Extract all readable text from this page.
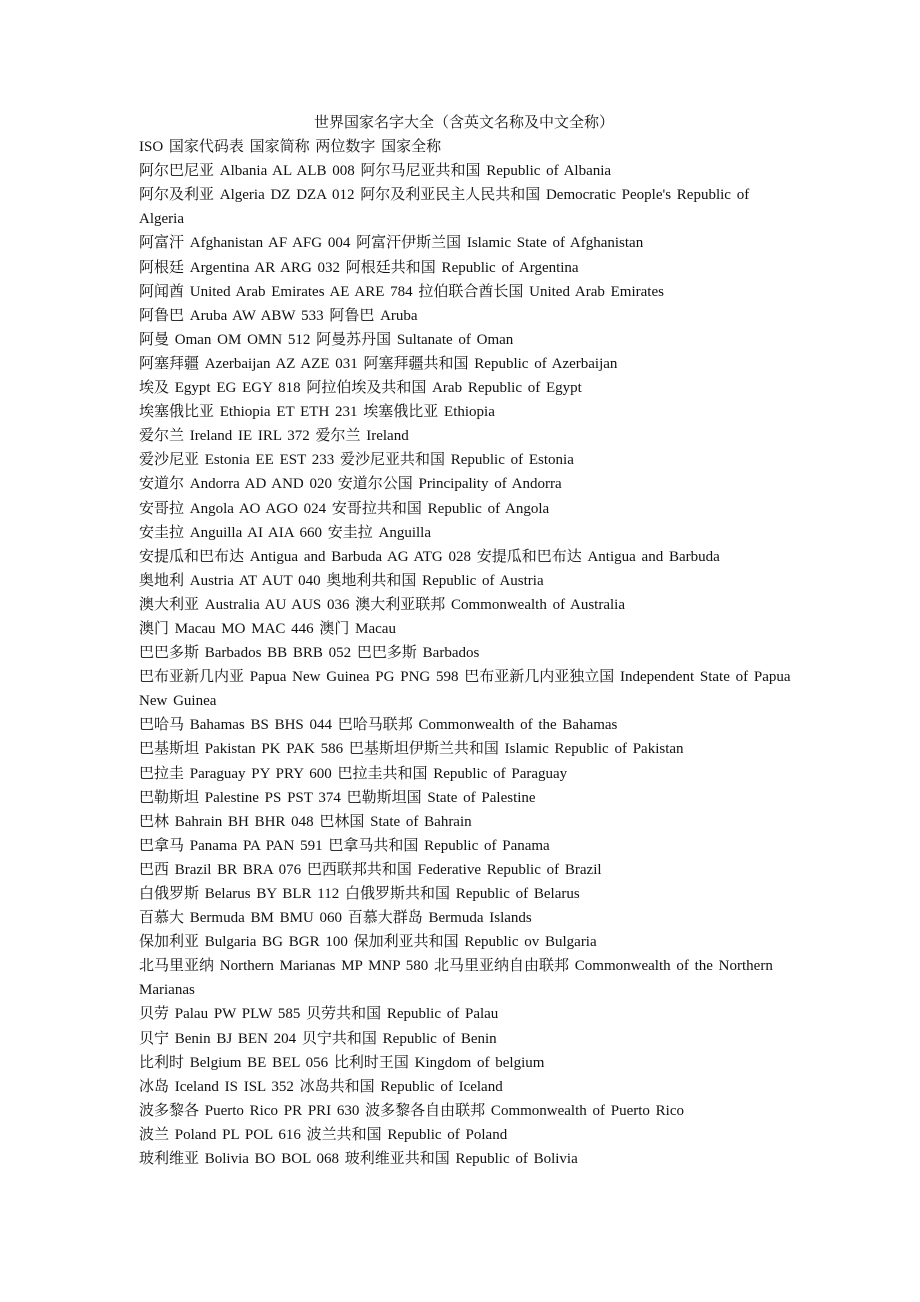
世界国家名字大全（含英文名称及中文全称）

ISO 国家代码表 国家简称 两位数字 国家全称

阿尔巴尼亚 Albania AL ALB 008 阿尔马尼亚共和国 Republic of Albania

阿尔及利亚 Algeria DZ DZA 012 阿尔及利亚民主人民共和国 Democratic People's Republic of Algeria

阿富汗 Afghanistan AF AFG 004 阿富汗伊斯兰国 Islamic State of Afghanistan

阿根廷 Argentina AR ARG 032 阿根廷共和国 Republic of Argentina

阿闻酋 United Arab Emirates AE ARE 784 拉伯联合酋长国 United Arab Emirates

阿鲁巴 Aruba AW ABW 533 阿鲁巴 Aruba

阿曼 Oman OM OMN 512 阿曼苏丹国 Sultanate of Oman

阿塞拜疆 Azerbaijan AZ AZE 031 阿塞拜疆共和国 Republic of Azerbaijan

埃及 Egypt EG EGY 818 阿拉伯埃及共和国 Arab Republic of Egypt

埃塞俄比亚 Ethiopia ET ETH 231 埃塞俄比亚 Ethiopia

爱尔兰 Ireland IE IRL 372 爱尔兰 Ireland

爱沙尼亚 Estonia EE EST 233 爱沙尼亚共和国 Republic of Estonia

安道尔 Andorra AD AND 020 安道尔公国 Principality of Andorra

安哥拉 Angola AO AGO 024 安哥拉共和国 Republic of Angola

安圭拉 Anguilla AI AIA 660 安圭拉 Anguilla

安提瓜和巴布达 Antigua and Barbuda AG ATG 028 安提瓜和巴布达 Antigua and Barbuda

奥地利 Austria AT AUT 040 奥地利共和国 Republic of Austria

澳大利亚 Australia AU AUS 036 澳大利亚联邦 Commonwealth of Australia

澳门 Macau MO MAC 446 澳门 Macau

巴巴多斯 Barbados BB BRB 052 巴巴多斯 Barbados

巴布亚新几内亚 Papua New Guinea PG PNG 598 巴布亚新几内亚独立国 Independent State of Papua New Guinea

巴哈马 Bahamas BS BHS 044 巴哈马联邦 Commonwealth of the Bahamas

巴基斯坦 Pakistan PK PAK 586 巴基斯坦伊斯兰共和国 Islamic Republic of Pakistan

巴拉圭 Paraguay PY PRY 600 巴拉圭共和国 Republic of Paraguay

巴勒斯坦 Palestine PS PST 374 巴勒斯坦国 State of Palestine

巴林 Bahrain BH BHR 048 巴林国 State of Bahrain

巴拿马 Panama PA PAN 591 巴拿马共和国 Republic of Panama

巴西 Brazil BR BRA 076 巴西联邦共和国 Federative Republic of Brazil

白俄罗斯 Belarus BY BLR 112 白俄罗斯共和国 Republic of Belarus

百慕大 Bermuda BM BMU 060 百慕大群岛 Bermuda Islands

保加利亚 Bulgaria BG BGR 100 保加利亚共和国 Republic ov Bulgaria

北马里亚纳 Northern Marianas MP MNP 580 北马里亚纳自由联邦 Commonwealth of the Northern Marianas

贝劳 Palau PW PLW 585 贝劳共和国 Republic of Palau

贝宁 Benin BJ BEN 204 贝宁共和国 Republic of Benin

比利时 Belgium BE BEL 056 比利时王国 Kingdom of belgium

冰岛 Iceland IS ISL 352 冰岛共和国 Republic of Iceland

波多黎各 Puerto Rico PR PRI 630 波多黎各自由联邦 Commonwealth of Puerto Rico

波兰 Poland PL POL 616 波兰共和国 Republic of Poland

玻利维亚 Bolivia BO BOL 068 玻利维亚共和国 Republic of Bolivia
